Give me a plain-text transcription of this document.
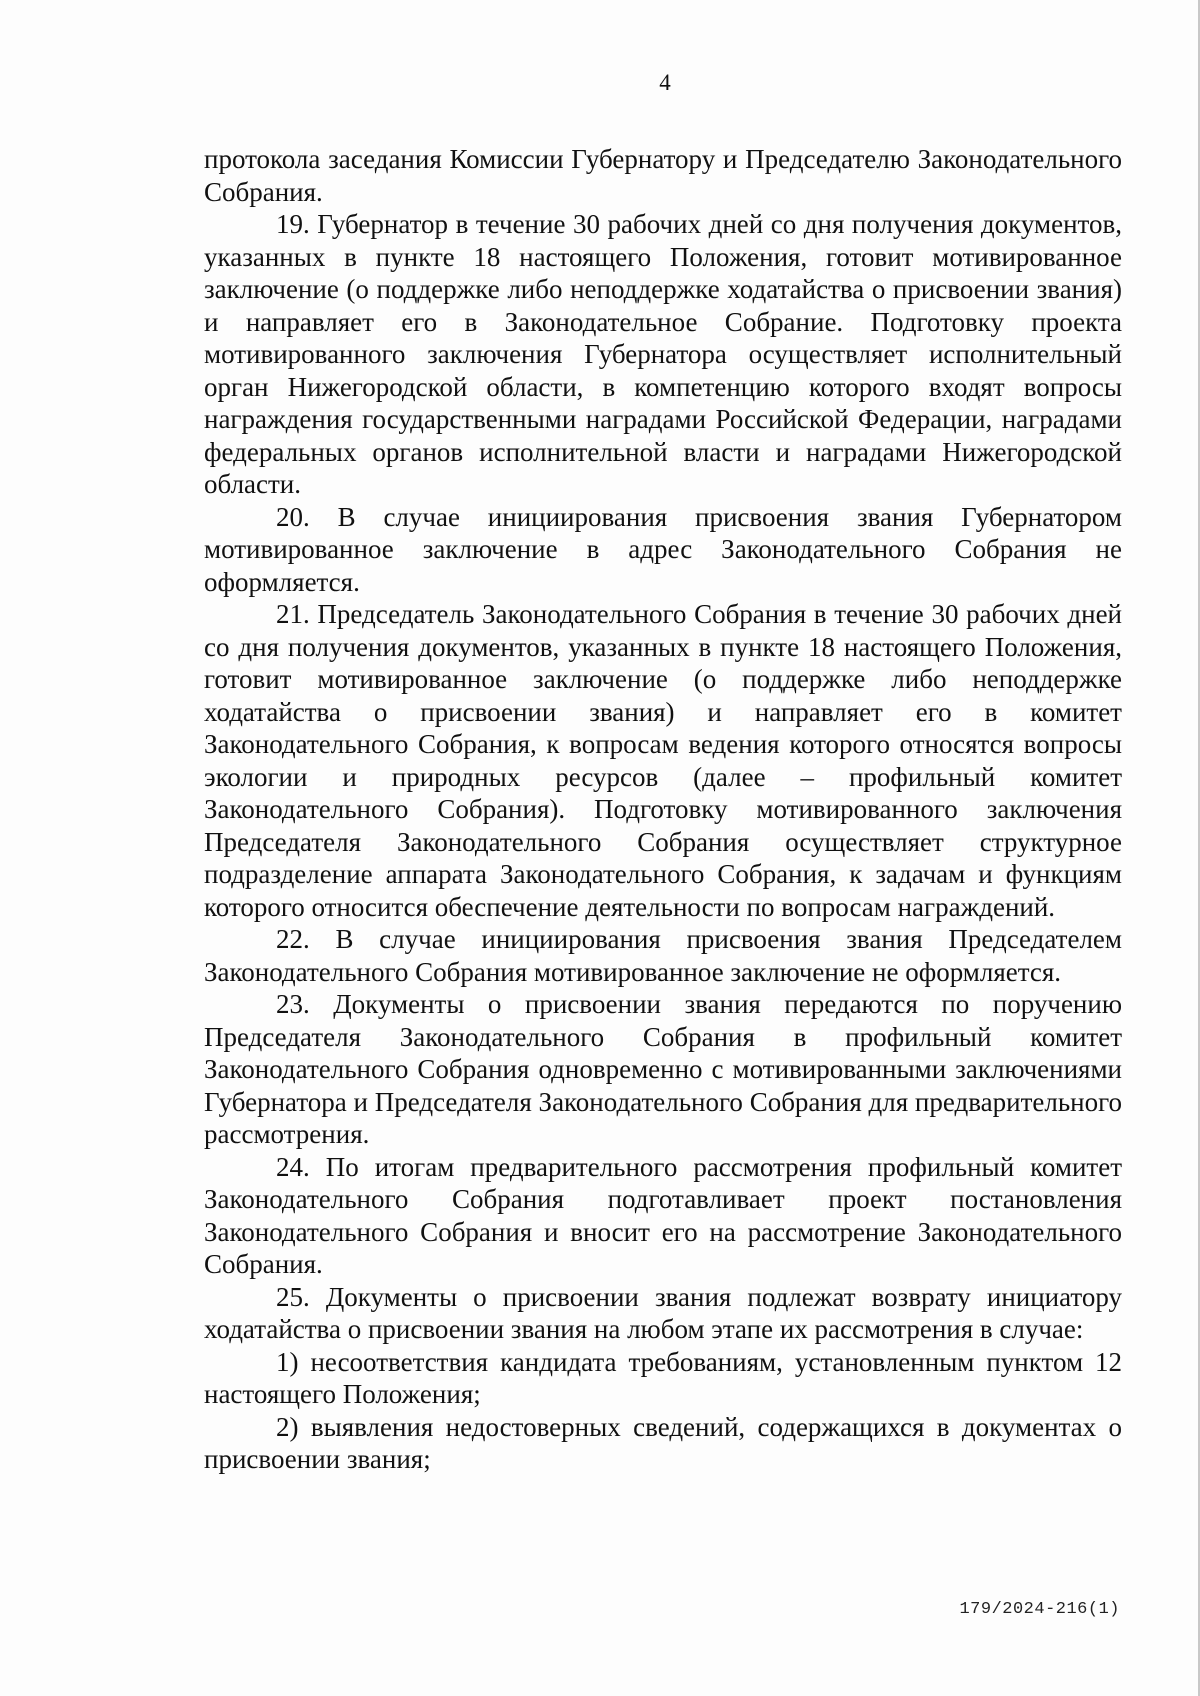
4

протокола заседания Комиссии Губернатору и Председателю Законодательного Собрания.

19. Губернатор в течение 30 рабочих дней со дня получения документов, указанных в пункте 18 настоящего Положения, готовит мотивированное заключение (о поддержке либо неподдержке ходатайства о присвоении звания) и направляет его в Законодательное Собрание. Подготовку проекта мотивированного заключения Губернатора осуществляет исполнительный орган Нижегородской области, в компетенцию которого входят вопросы награждения государственными наградами Российской Федерации, наградами федеральных органов исполнительной власти и наградами Нижегородской области.

20. В случае инициирования присвоения звания Губернатором мотивированное заключение в адрес Законодательного Собрания не оформляется.

21. Председатель Законодательного Собрания в течение 30 рабочих дней со дня получения документов, указанных в пункте 18 настоящего Положения, готовит мотивированное заключение (о поддержке либо неподдержке ходатайства о присвоении звания) и направляет его в комитет Законодательного Собрания, к вопросам ведения которого относятся вопросы экологии и природных ресурсов (далее – профильный комитет Законодательного Собрания). Подготовку мотивированного заключения Председателя Законодательного Собрания осуществляет структурное подразделение аппарата Законодательного Собрания, к задачам и функциям которого относится обеспечение деятельности по вопросам награждений.

22. В случае инициирования присвоения звания Председателем Законодательного Собрания мотивированное заключение не оформляется.

23. Документы о присвоении звания передаются по поручению Председателя Законодательного Собрания в профильный комитет Законодательного Собрания одновременно с мотивированными заключениями Губернатора и Председателя Законодательного Собрания для предварительного рассмотрения.

24. По итогам предварительного рассмотрения профильный комитет Законодательного Собрания подготавливает проект постановления Законодательного Собрания и вносит его на рассмотрение Законодательного Собрания.

25. Документы о присвоении звания подлежат возврату инициатору ходатайства о присвоении звания на любом этапе их рассмотрения в случае:

1) несоответствия кандидата требованиям, установленным пунктом 12 настоящего Положения;

2) выявления недостоверных сведений, содержащихся в документах о присвоении звания;

179/2024-216(1)
